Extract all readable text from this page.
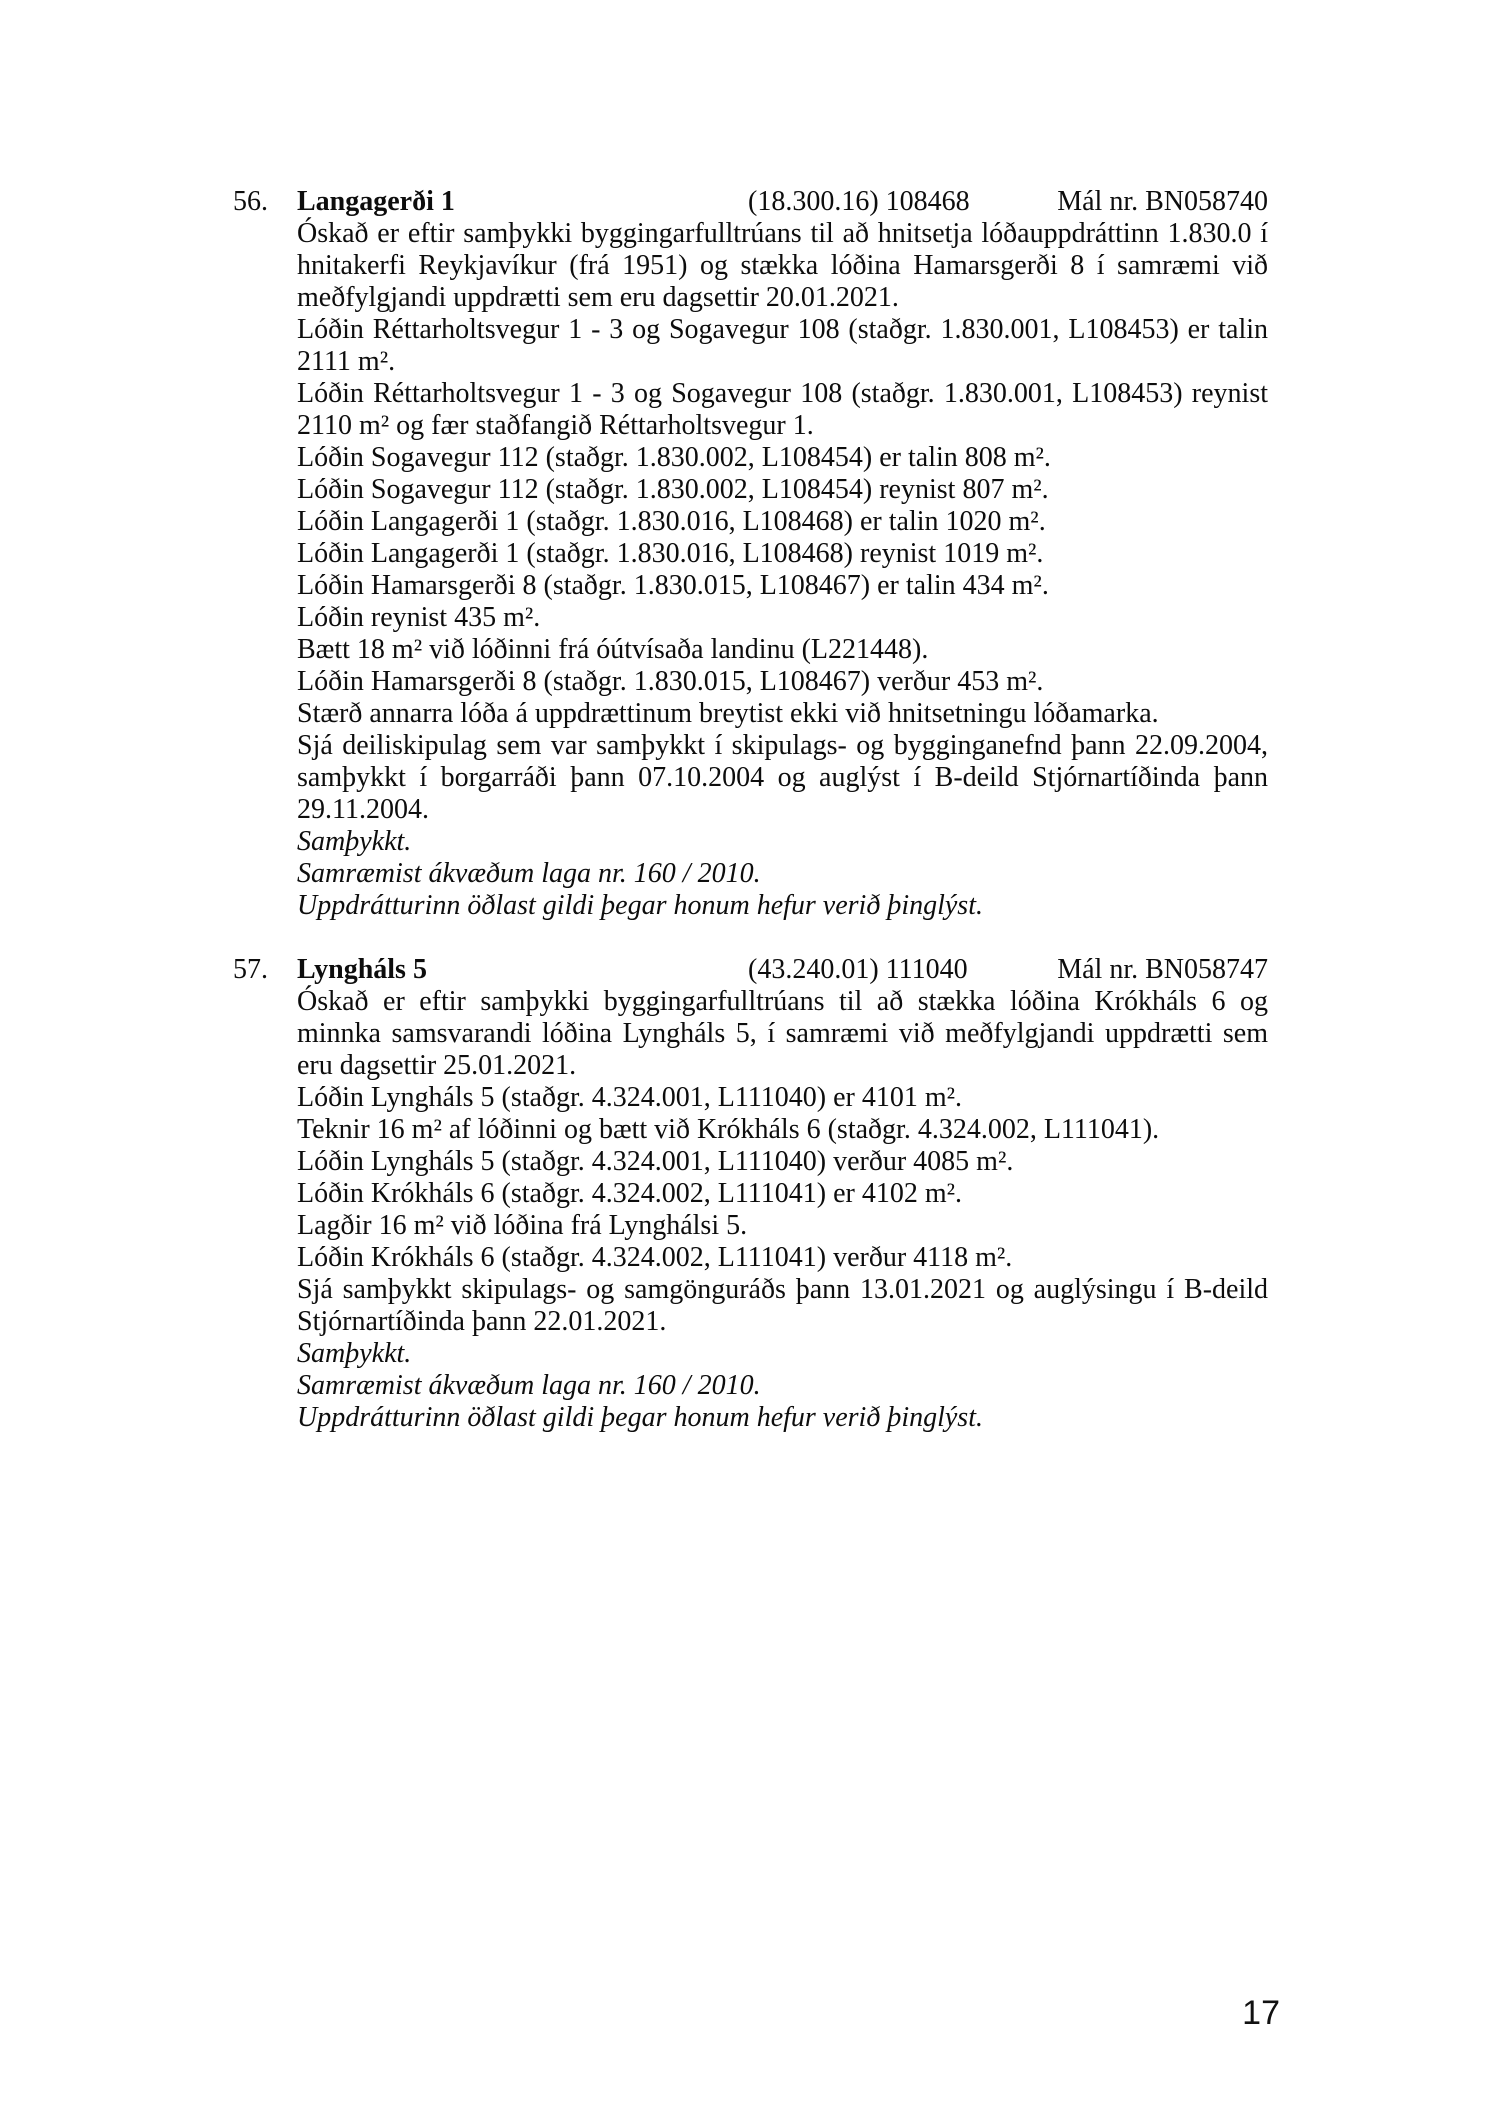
56.	Langagerði 1	(18.300.16) 108468	Mál nr. BN058740

Óskað er eftir samþykki byggingarfulltrúans til að hnitsetja lóðauppdráttinn 1.830.0 í hnitakerfi Reykjavíkur (frá 1951) og stækka lóðina Hamarsgerði 8 í samræmi við meðfylgjandi uppdrætti sem eru dagsettir 20.01.2021.

Lóðin Réttarholtsvegur 1 - 3 og Sogavegur 108 (staðgr. 1.830.001, L108453) er talin 2111 m².

Lóðin Réttarholtsvegur 1 - 3 og Sogavegur 108 (staðgr. 1.830.001, L108453) reynist 2110 m² og fær staðfangið Réttarholtsvegur 1.

Lóðin Sogavegur 112 (staðgr. 1.830.002, L108454) er talin 808 m².

Lóðin Sogavegur 112 (staðgr. 1.830.002, L108454) reynist 807 m².

Lóðin Langagerði 1 (staðgr. 1.830.016, L108468) er talin 1020 m².

Lóðin Langagerði 1 (staðgr. 1.830.016, L108468) reynist 1019 m².

Lóðin Hamarsgerði 8 (staðgr. 1.830.015, L108467) er talin 434 m².

Lóðin reynist 435 m².

Bætt 18 m² við lóðinni frá óútvísaða landinu (L221448).

Lóðin Hamarsgerði 8 (staðgr. 1.830.015, L108467) verður 453 m².

Stærð annarra lóða á uppdrættinum breytist ekki við hnitsetningu lóðamarka.

Sjá deiliskipulag sem var samþykkt í skipulags- og bygginganefnd þann 22.09.2004, samþykkt í borgarráði þann 07.10.2004 og auglýst í B-deild Stjórnartíðinda þann 29.11.2004.

Samþykkt.

Samræmist ákvæðum laga nr. 160 / 2010.

Uppdrátturinn öðlast gildi þegar honum hefur verið þinglýst.

57.	Lyngháls 5	(43.240.01) 111040	Mál nr. BN058747

Óskað er eftir samþykki byggingarfulltrúans til að stækka lóðina Krókháls 6 og minnka samsvarandi lóðina Lyngháls 5, í samræmi við meðfylgjandi uppdrætti sem eru dagsettir 25.01.2021.

Lóðin Lyngháls 5 (staðgr. 4.324.001, L111040) er 4101 m².

Teknir 16 m² af lóðinni og bætt við Krókháls 6 (staðgr. 4.324.002, L111041).

Lóðin Lyngháls 5 (staðgr. 4.324.001, L111040) verður 4085 m².

Lóðin Krókháls 6 (staðgr. 4.324.002, L111041) er 4102 m².

Lagðir 16 m² við lóðina frá Lynghálsi 5.

Lóðin Krókháls 6 (staðgr. 4.324.002, L111041) verður 4118 m².

Sjá samþykkt skipulags- og samgönguráðs þann 13.01.2021 og auglýsingu í B-deild Stjórnartíðinda þann 22.01.2021.

Samþykkt.

Samræmist ákvæðum laga nr. 160 / 2010.

Uppdrátturinn öðlast gildi þegar honum hefur verið þinglýst.

17
